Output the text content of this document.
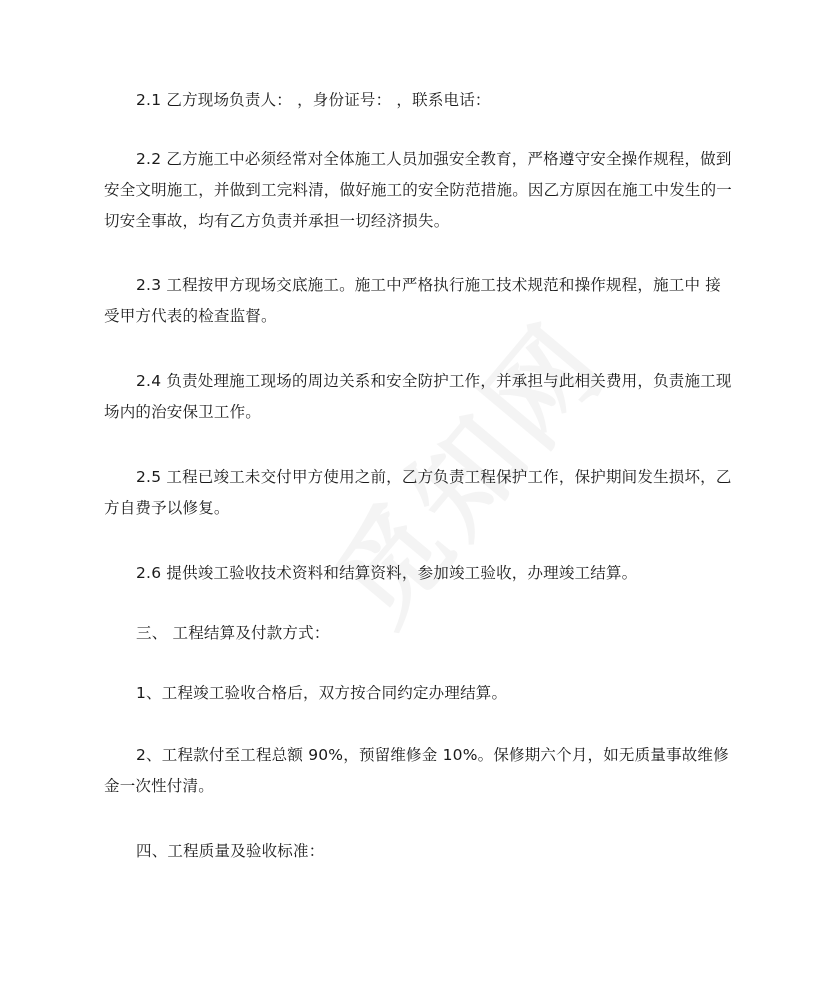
2.1 乙方现场负责人： ，身份证号： ，联系电话：

2.2 乙方施工中必须经常对全体施工人员加强安全教育，严格遵守安全操作规程，做到安全文明施工，并做到工完料清，做好施工的安全防范措施。因乙方原因在施工中发生的一切安全事故，均有乙方负责并承担一切经济损失。

2.3 工程按甲方现场交底施工。施工中严格执行施工技术规范和操作规程，施工中 接受甲方代表的检查监督。

2.4 负责处理施工现场的周边关系和安全防护工作，并承担与此相关费用，负责施工现场内的治安保卫工作。

2.5 工程已竣工未交付甲方使用之前，乙方负责工程保护工作，保护期间发生损坏，乙方自费予以修复。

2.6 提供竣工验收技术资料和结算资料，参加竣工验收，办理竣工结算。

三、 工程结算及付款方式：

1、工程竣工验收合格后，双方按合同约定办理结算。

2、工程款付至工程总额 90%，预留维修金 10%。保修期六个月，如无质量事故维修金一次性付清。

四、工程质量及验收标准：
